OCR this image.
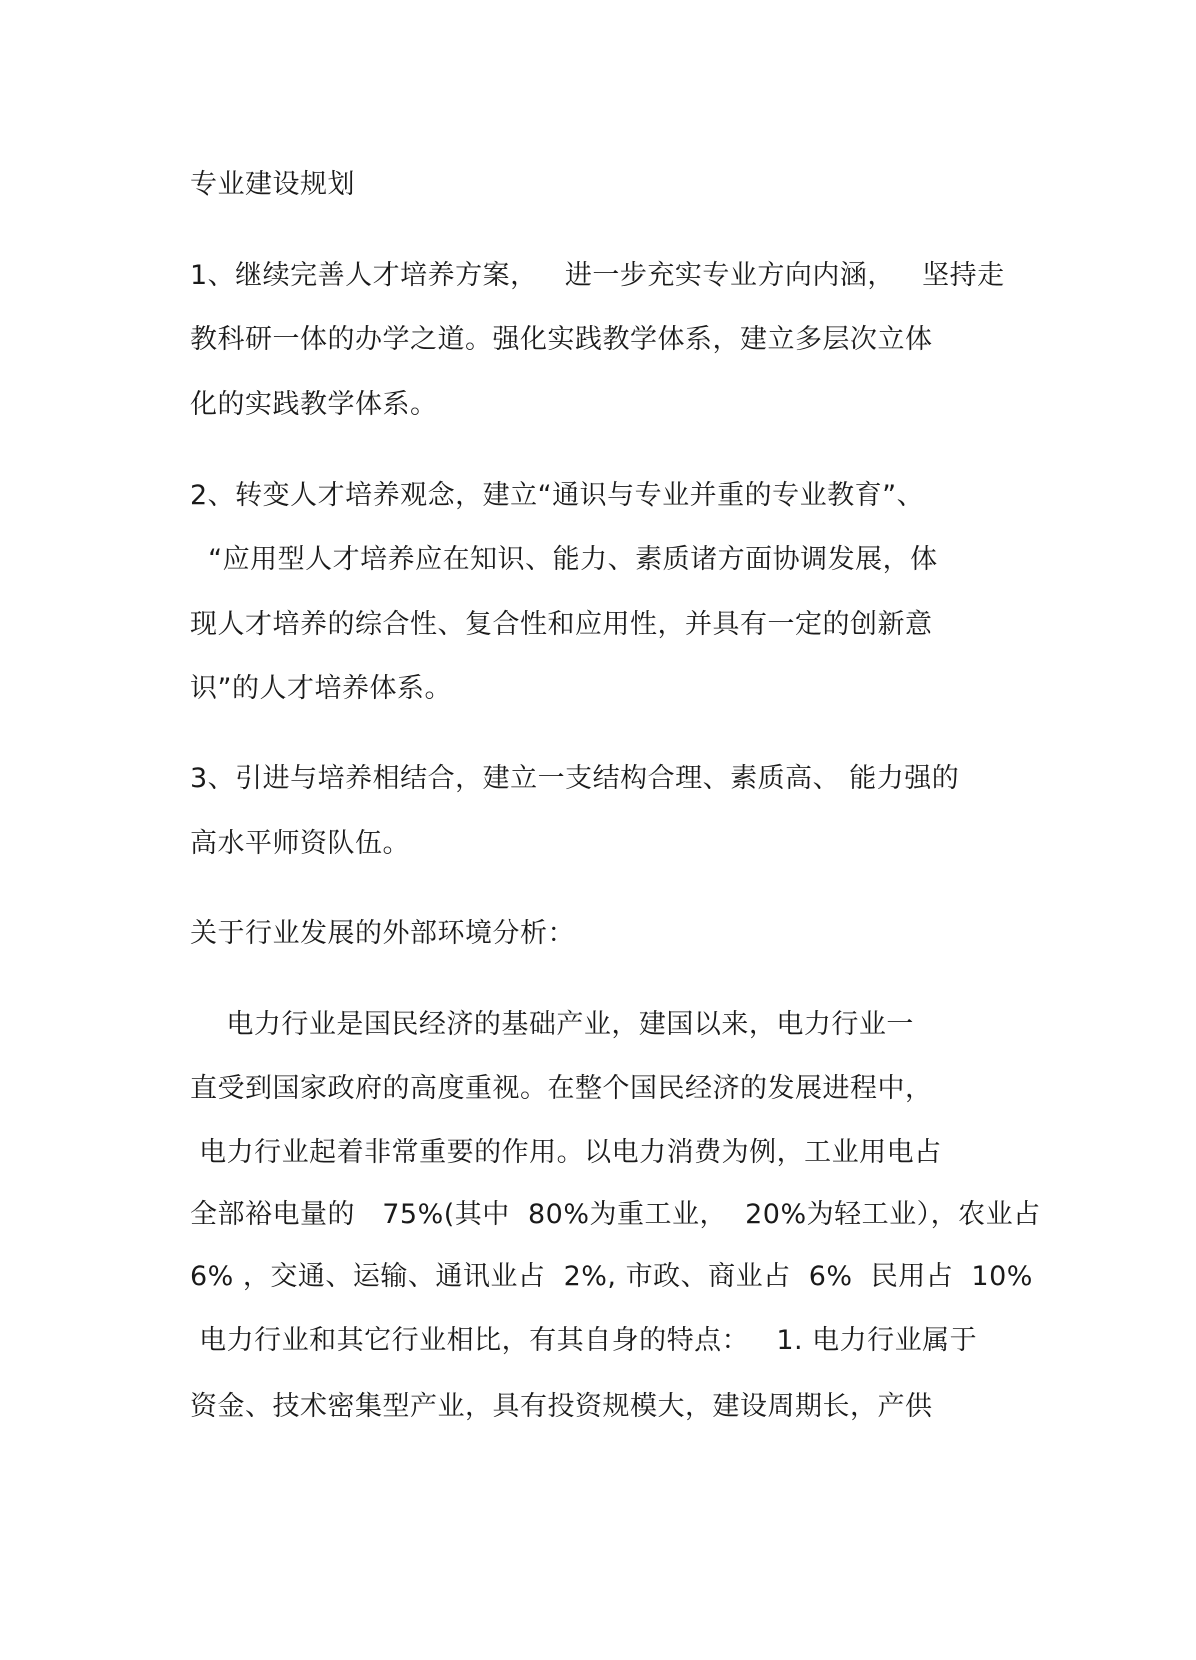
专业建设规划
1、继续完善人才培养方案，   进一步充实专业方向内涵，   坚持走
教科研一体的办学之道。强化实践教学体系，建立多层次立体
化的实践教学体系。
2、转变人才培养观念，建立“通识与专业并重的专业教育”、
“应用型人才培养应在知识、能力、素质诸方面协调发展，体
现人才培养的综合性、复合性和应用性，并具有一定的创新意
识”的人才培养体系。
3、引进与培养相结合，建立一支结构合理、素质高、 能力强的
高水平师资队伍。
关于行业发展的外部环境分析：
电力行业是国民经济的基础产业，建国以来，电力行业一
直受到国家政府的高度重视。在整个国民经济的发展进程中，
电力行业起着非常重要的作用。以电力消费为例，工业用电占
全部裕电量的   75%(其中  80%为重工业，  20%为轻工业），农业占
6% ，交通、运输、通讯业占  2%, 市政、商业占  6%  民用占  10%
电力行业和其它行业相比，有其自身的特点：   1. 电力行业属于
资金、技术密集型产业，具有投资规模大，建设周期长，产供
